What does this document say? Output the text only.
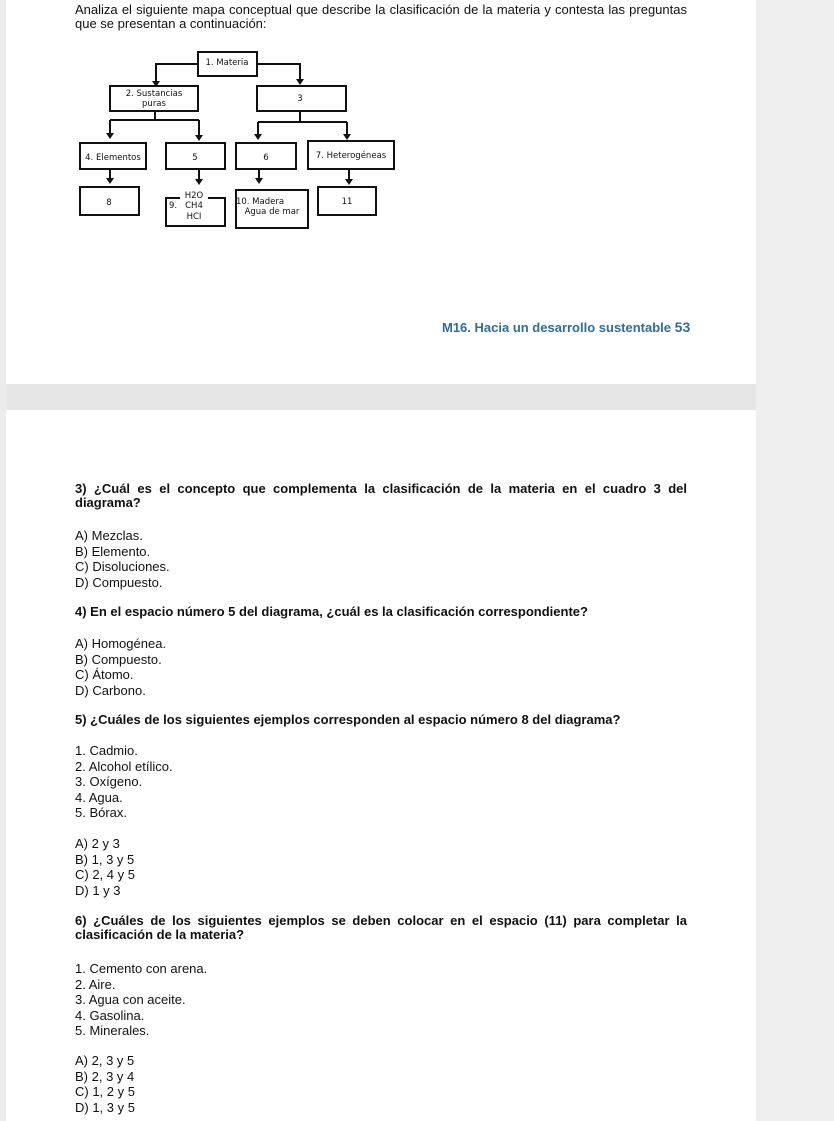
Analiza el siguiente mapa conceptual que describe la clasificación de la materia y contesta las preguntas que se presentan a continuación:
1. Materia
2. Sustancias
puras	3
4. Elementos	5	6	7. Heterogéneas
8
H2O
9. CH4
HCI
10. Madera
Agua de mar
11
M16. Hacia un desarrollo sustentable 53
3) ¿Cuál es el concepto que complementa la clasificación de la materia en el cuadro 3 del diagrama?
A) Mezclas.
B) Elemento.
C) Disoluciones.
D) Compuesto.
4) En el espacio número 5 del diagrama, ¿cuál es la clasificación correspondiente?
A) Homogénea.
B) Compuesto.
C) Átomo.
D) Carbono.
5) ¿Cuáles de los siguientes ejemplos corresponden al espacio número 8 del diagrama?
1. Cadmio.
2. Alcohol etílico.
3. Oxígeno.
4. Agua.
5. Bórax.
A) 2 y 3
B) 1, 3 y 5
C) 2, 4 y 5
D) 1 y 3
6) ¿Cuáles de los siguientes ejemplos se deben colocar en el espacio (11) para completar la clasificación de la materia?
1. Cemento con arena.
2. Aire.
3. Agua con aceite.
4. Gasolina.
5. Minerales.
A) 2, 3 y 5
B) 2, 3 y 4
C) 1, 2 y 5
D) 1, 3 y 5
